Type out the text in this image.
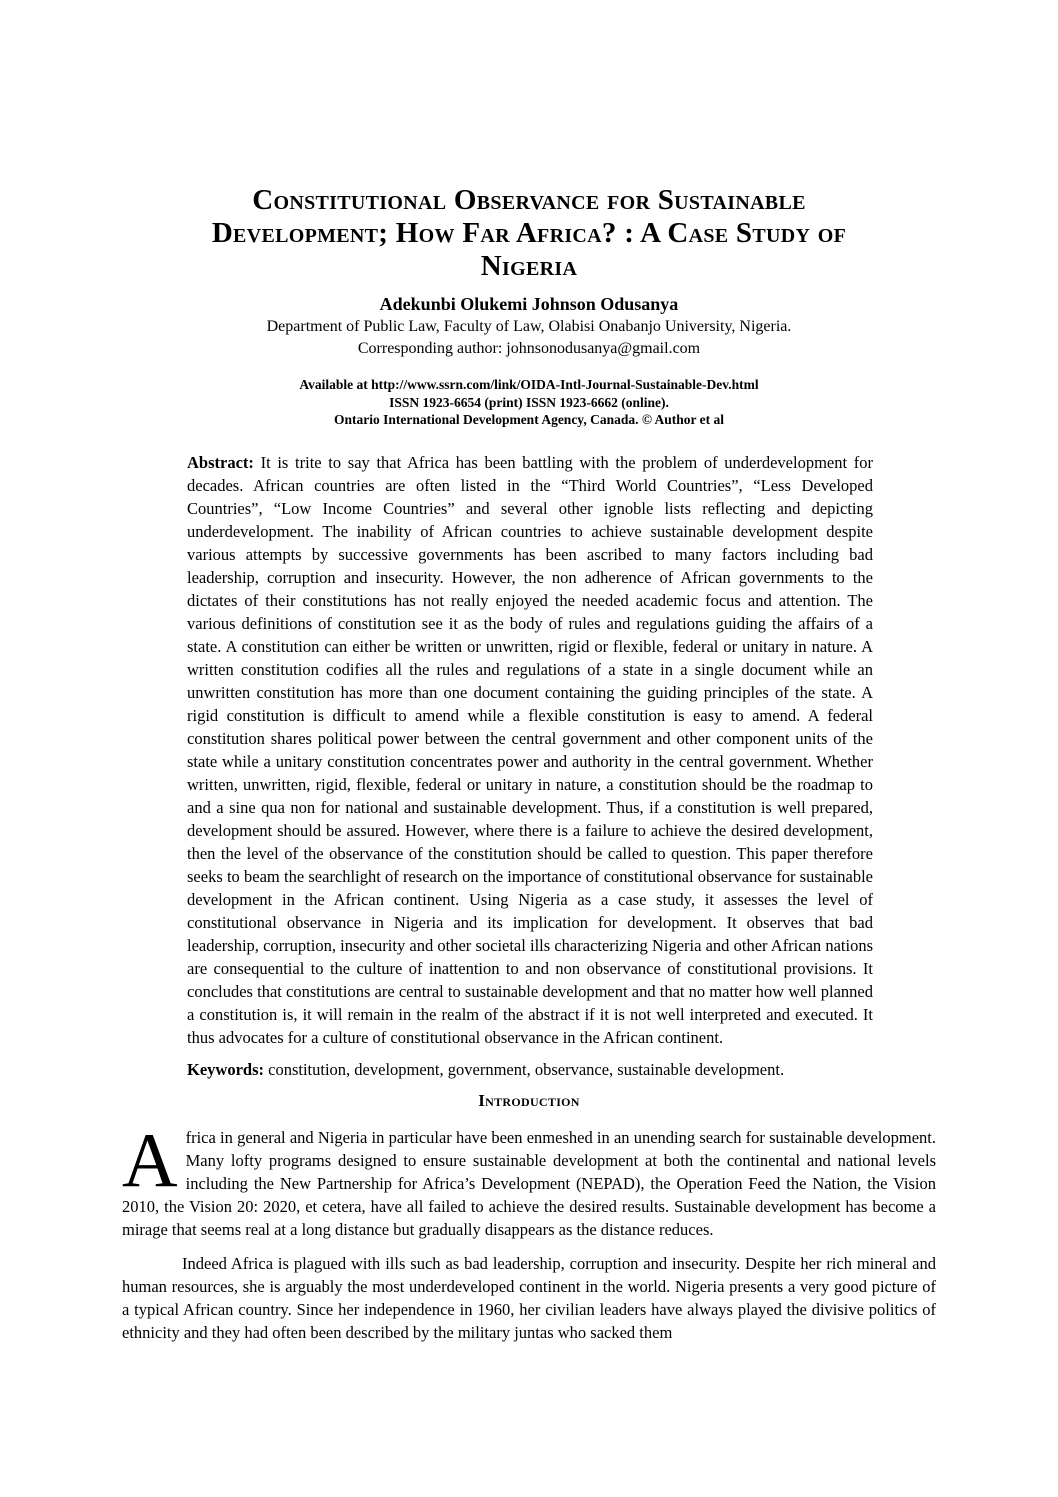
Constitutional Observance for Sustainable
Development; How Far Africa? : A Case Study of
Nigeria
Adekunbi Olukemi Johnson Odusanya
Department of Public Law, Faculty of Law, Olabisi Onabanjo University, Nigeria.
Corresponding author: johnsonodusanya@gmail.com
Available at http://www.ssrn.com/link/OIDA-Intl-Journal-Sustainable-Dev.html
ISSN 1923-6654 (print) ISSN 1923-6662 (online).
Ontario International Development Agency, Canada. © Author et al

Abstract: It is trite to say that Africa has been battling with the problem of underdevelopment for decades. African countries are often listed in the “Third World Countries”, “Less Developed Countries”, “Low Income Countries” and several other ignoble lists reflecting and depicting underdevelopment. The inability of African countries to achieve sustainable development despite various attempts by successive governments has been ascribed to many factors including bad leadership, corruption and insecurity. However, the non adherence of African governments to the dictates of their constitutions has not really enjoyed the needed academic focus and attention. The various definitions of constitution see it as the body of rules and regulations guiding the affairs of a state. A constitution can either be written or unwritten, rigid or flexible, federal or unitary in nature. A written constitution codifies all the rules and regulations of a state in a single document while an unwritten constitution has more than one document containing the guiding principles of the state. A rigid constitution is difficult to amend while a flexible constitution is easy to amend. A federal constitution shares political power between the central government and other component units of the state while a unitary constitution concentrates power and authority in the central government. Whether written, unwritten, rigid, flexible, federal or unitary in nature, a constitution should be the roadmap to and a sine qua non for national and sustainable development. Thus, if a constitution is well prepared, development should be assured. However, where there is a failure to achieve the desired development, then the level of the observance of the constitution should be called to question. This paper therefore seeks to beam the searchlight of research on the importance of constitutional observance for sustainable development in the African continent. Using Nigeria as a case study, it assesses the level of constitutional observance in Nigeria and its implication for development. It observes that bad leadership, corruption, insecurity and other societal ills characterizing Nigeria and other African nations are consequential to the culture of inattention to and non observance of constitutional provisions. It concludes that constitutions are central to sustainable development and that no matter how well planned a constitution is, it will remain in the realm of the abstract if it is not well interpreted and executed. It thus advocates for a culture of constitutional observance in the African continent.

Keywords: constitution, development, government, observance, sustainable development.

Introduction

Africa in general and Nigeria in particular have been enmeshed in an unending search for sustainable development. Many lofty programs designed to ensure sustainable development at both the continental and national levels including the New Partnership for Africa’s Development (NEPAD), the Operation Feed the Nation, the Vision 2010, the Vision 20: 2020, et cetera, have all failed to achieve the desired results. Sustainable development has become a mirage that seems real at a long distance but gradually disappears as the distance reduces.

Indeed Africa is plagued with ills such as bad leadership, corruption and insecurity. Despite her rich mineral and human resources, she is arguably the most underdeveloped continent in the world. Nigeria presents a very good picture of a typical African country. Since her independence in 1960, her civilian leaders have always played the divisive politics of ethnicity and they had often been described by the military juntas who sacked them
